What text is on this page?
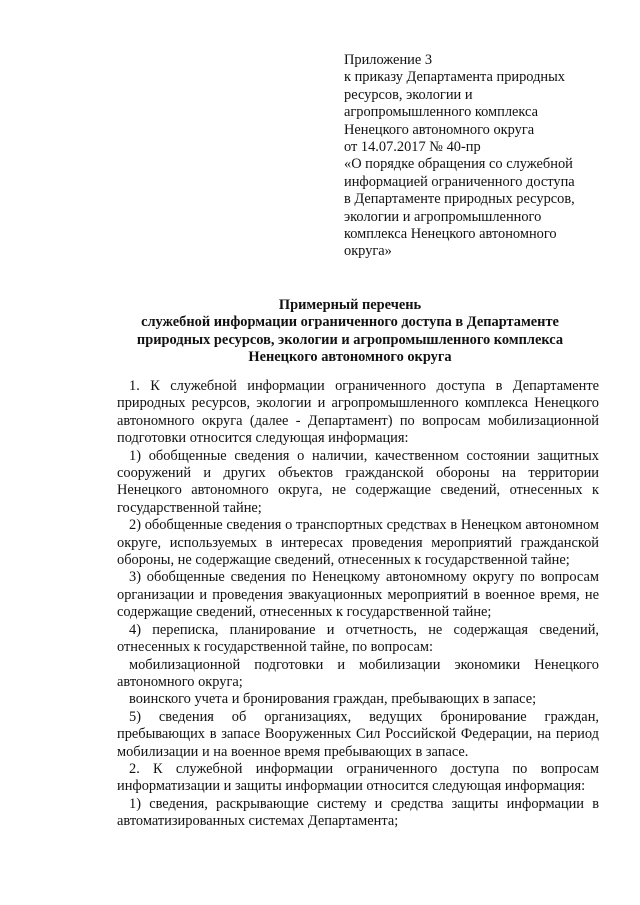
Приложение 3
к приказу Департамента природных
ресурсов, экологии и
агропромышленного комплекса
Ненецкого автономного округа
от 14.07.2017 № 40-пр
«О порядке обращения со служебной
информацией ограниченного доступа
в Департаменте природных ресурсов,
экологии и агропромышленного
комплекса Ненецкого автономного
округа»
Примерный перечень
служебной информации ограниченного доступа в Департаменте
природных ресурсов, экологии и агропромышленного комплекса
Ненецкого автономного округа

1. К служебной информации ограниченного доступа в Департаменте природных ресурсов, экологии и агропромышленного комплекса Ненецкого автономного округа (далее - Департамент) по вопросам мобилизационной подготовки относится следующая информация:

1) обобщенные сведения о наличии, качественном состоянии защитных сооружений и других объектов гражданской обороны на территории Ненецкого автономного округа, не содержащие сведений, отнесенных к государственной тайне;

2) обобщенные сведения о транспортных средствах в Ненецком автономном округе, используемых в интересах проведения мероприятий гражданской обороны, не содержащие сведений, отнесенных к государственной тайне;

3) обобщенные сведения по Ненецкому автономному округу по вопросам организации и проведения эвакуационных мероприятий в военное время, не содержащие сведений, отнесенных к государственной тайне;

4) переписка, планирование и отчетность, не содержащая сведений, отнесенных к государственной тайне, по вопросам:

мобилизационной подготовки и мобилизации экономики Ненецкого автономного округа;

воинского учета и бронирования граждан, пребывающих в запасе;

5) сведения об организациях, ведущих бронирование граждан, пребывающих в запасе Вооруженных Сил Российской Федерации, на период мобилизации и на военное время пребывающих в запасе.

2. К служебной информации ограниченного доступа по вопросам информатизации и защиты информации относится следующая информация:

1) сведения, раскрывающие систему и средства защиты информации в автоматизированных системах Департамента;
